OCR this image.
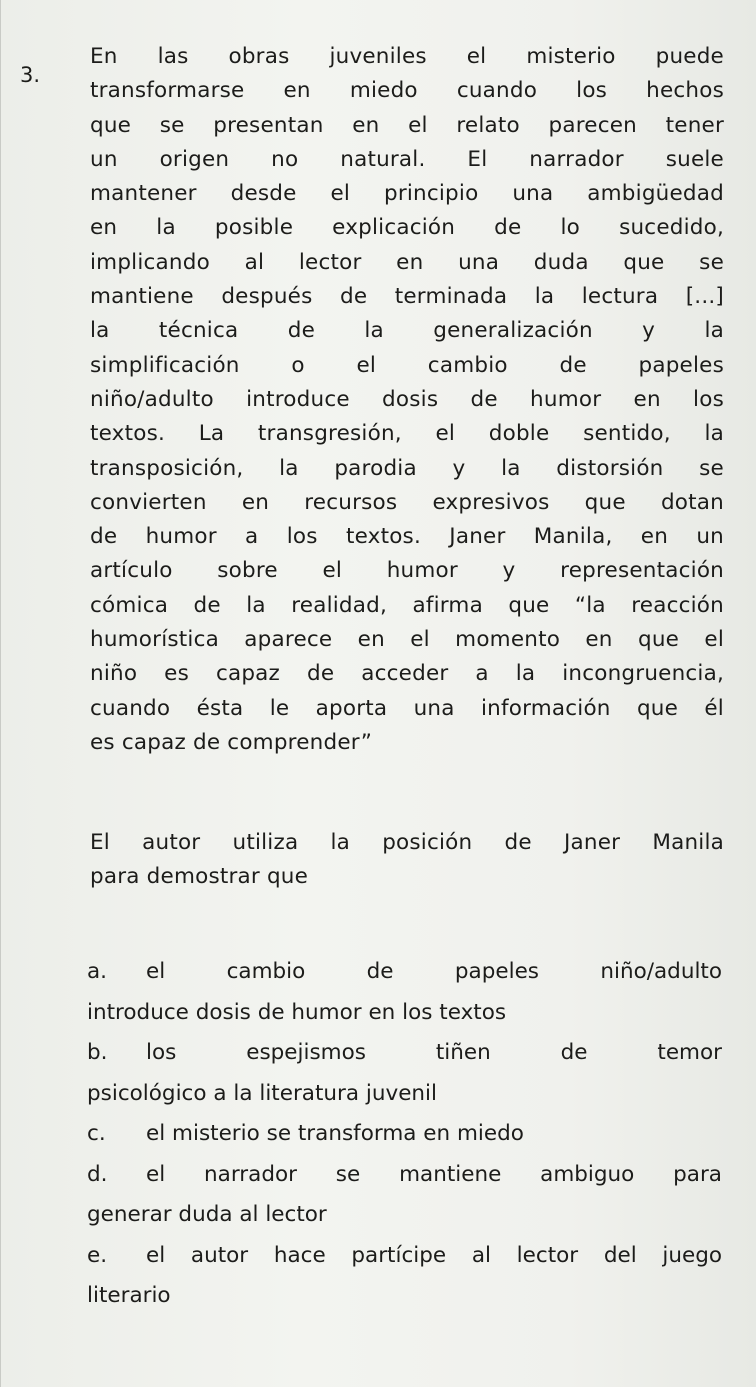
3.
En las obras juveniles el misterio puede
transformarse en miedo cuando los hechos
que se presentan en el relato parecen tener
un origen no natural. El narrador suele
mantener desde el principio una ambigüedad
en la posible explicación de lo sucedido,
implicando al lector en una duda que se
mantiene después de terminada la lectura [...]
la técnica de la generalización y la
simplificación o el cambio de papeles
niño/adulto introduce dosis de humor en los
textos. La transgresión, el doble sentido, la
transposición, la parodia y la distorsión se
convierten en recursos expresivos que dotan
de humor a los textos. Janer Manila, en un
artículo sobre el humor y representación
cómica de la realidad, afirma que “la reacción
humorística aparece en el momento en que el
niño es capaz de acceder a la incongruencia,
cuando ésta le aporta una información que él
es capaz de comprender”
El autor utiliza la posición de Janer Manila
para demostrar que
a.	el cambio de papeles niño/adulto
introduce dosis de humor en los textos
b.	los espejismos tiñen de temor
psicológico a la literatura juvenil
c.	el misterio se transforma en miedo
d.	el narrador se mantiene ambiguo para
generar duda al lector
e.	el autor hace partícipe al lector del juego
literario
